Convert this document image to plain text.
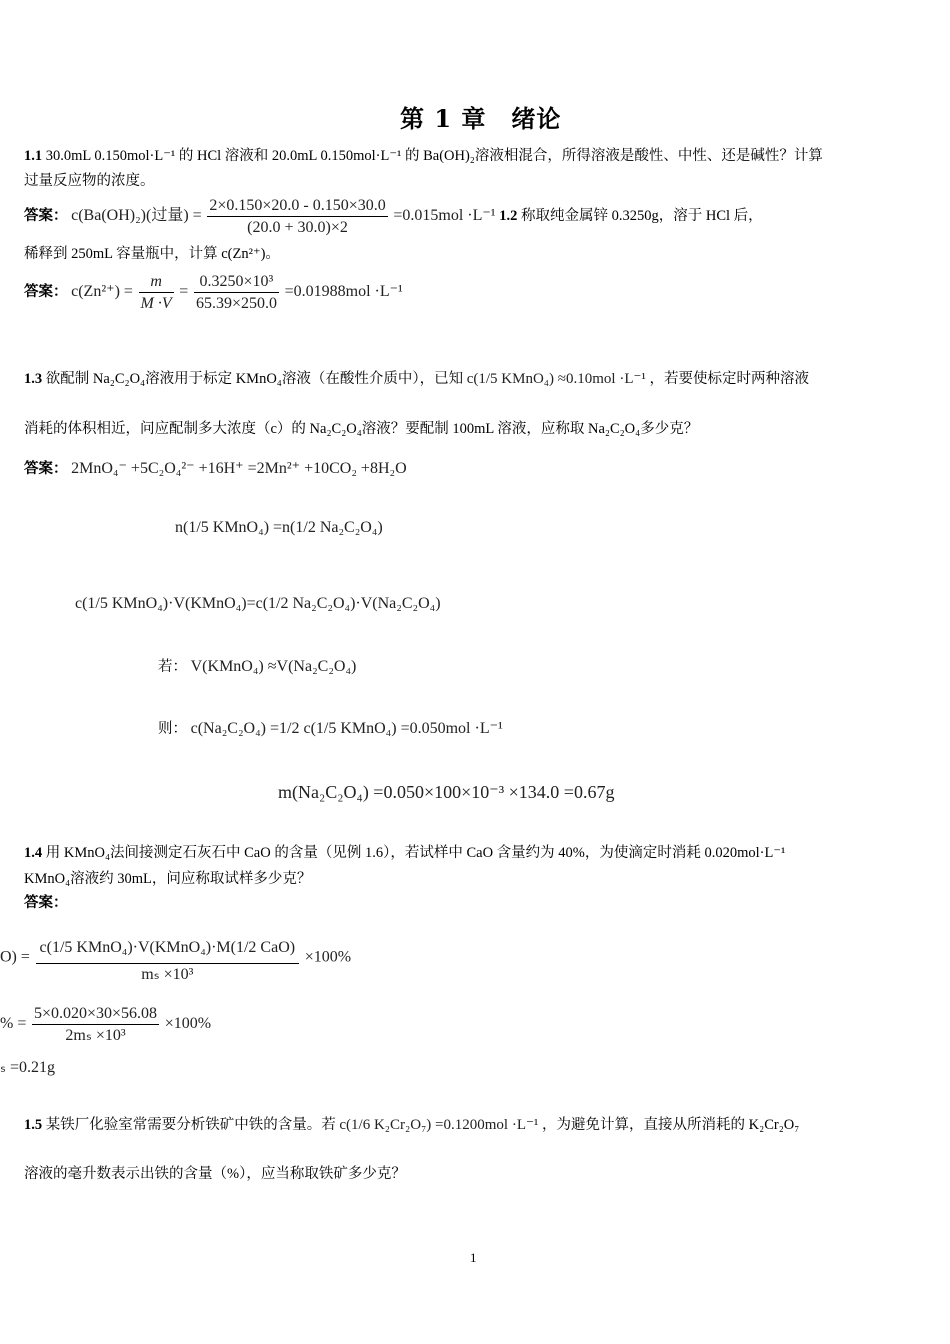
第 1 章　绪论
1.1 30.0mL 0.150mol·L⁻¹ 的 HCl 溶液和 20.0mL 0.150mol·L⁻¹ 的 Ba(OH)₂溶液相混合，所得溶液是酸性、中性、还是碱性？计算
过量反应物的浓度。
答案： c(Ba(OH)₂)(过量) = $\frac{2\times 0.150\times 20.0 - 0.150\times 30.0}{(20.0 + 30.0)\times 2} =0.015mol \cdot L^{-1}$ 1.2 称取纯金属锌 0.3250g，溶于 HCl 后，
稀释到 250mL 容量瓶中，计算 c(Zn²⁺)。
答案： $c(Zn^{2+}) = \frac{m}{M \cdot V} = \frac{\text{0.3250×10³}}{65.39\times 250.0} =0.01988mol \cdot L^{-1}$
1.3 欲配制 Na₂C₂O₄溶液用于标定 KMnO₄溶液（在酸性介质中），已知 c(1/5 KMnO₄) ≈0.10mol ·L⁻¹ ，若要使标定时两种溶液
消耗的体积相近，问应配制多大浓度（c）的 Na₂C₂O₄溶液？要配制 100mL 溶液，应称取 Na₂C₂O₄多少克？
答案： 2MnO₄⁻ +5C₂O₄²⁻ +16H⁺ =2Mn²⁺ +10CO₂ +8H₂O
n(1/5 KMnO₄) =n(1/2 Na₂C₂O₄)
c(1/5 KMnO₄)·V(KMnO₄)=c(1/2 Na₂C₂O₄)·V(Na₂C₂O₄)
若： V(KMnO₄) ≈V(Na₂C₂O₄)
则： c(Na₂C₂O₄) =1/2 c(1/5 KMnO₄) =0.050mol ·L⁻¹
m(Na₂C₂O₄) =0.050×100×10⁻³ ×134.0 =0.67g
1.4 用 KMnO₄法间接测定石灰石中 CaO 的含量（见例 1.6），若试样中 CaO 含量约为 40%，为使滴定时消耗 0.020mol·L⁻¹
KMnO₄溶液约 30mL，问应称取试样多少克？
答案：
$O) = \frac{\text{c(1/5 KMnO₄)·V(KMnO₄)·M(1/2 CaO)}}{\text{mₛ ×10³}} \times 100\%$
% = $\frac{5\times 0.020\times 30\times 56.08}{\text{2mₛ ×10³}} \times 100\%$
ₛ =0.21g
1.5 某铁厂化验室常需要分析铁矿中铁的含量。若 c(1/6 K₂Cr₂O₇) =0.1200mol ·L⁻¹ ，为避免计算，直接从所消耗的 K₂Cr₂O₇
溶液的毫升数表示出铁的含量（%），应当称取铁矿多少克？
1
